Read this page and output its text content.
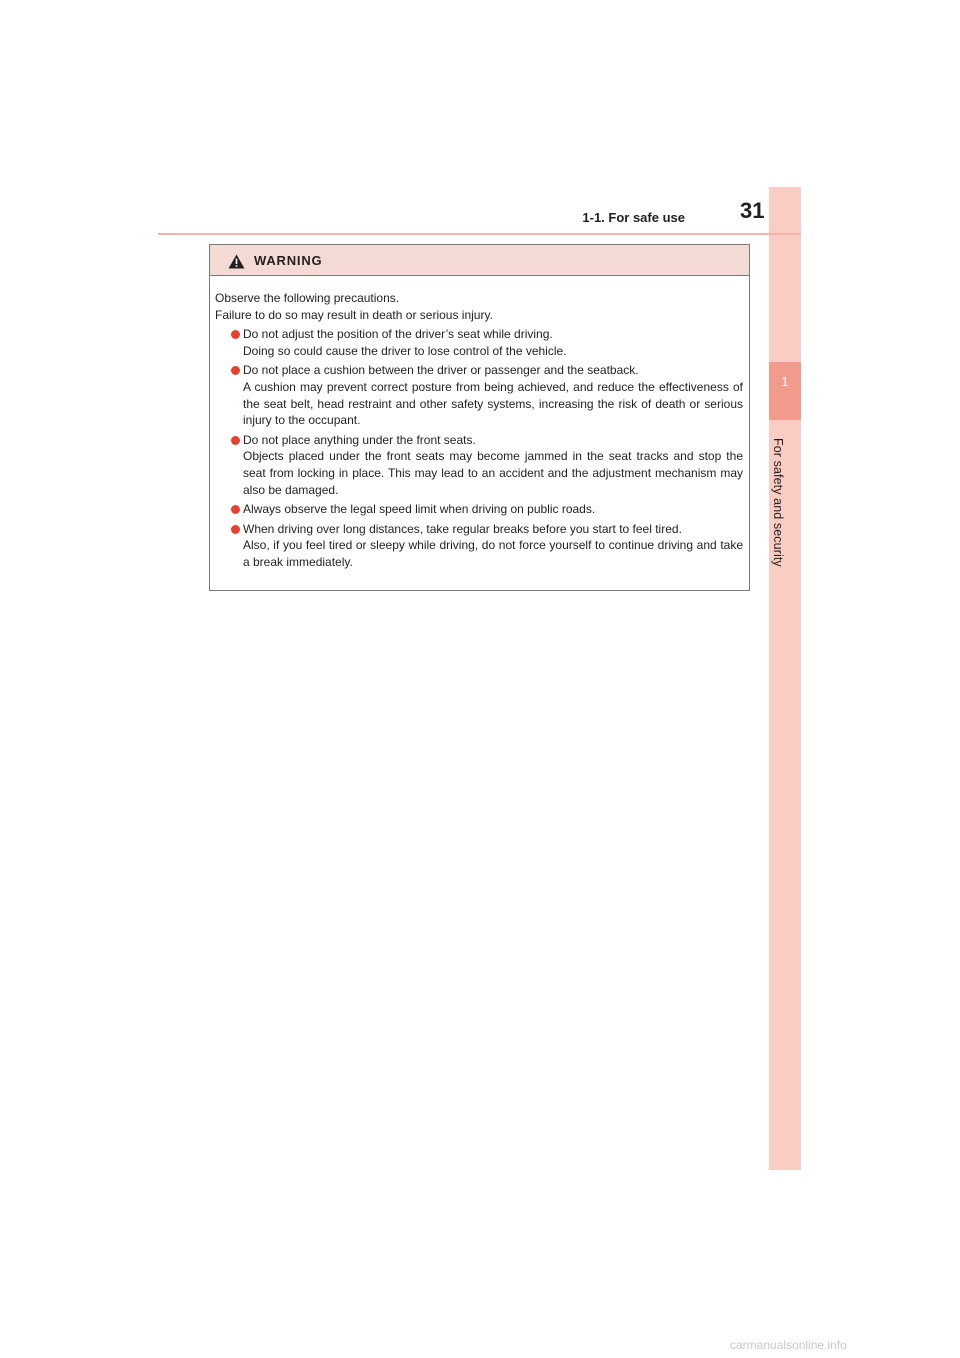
1
For safety and security
1-1. For safe use	31
WARNING

Observe the following precautions.

Failure to do so may result in death or serious injury.

Do not adjust the position of the driver’s seat while driving.

Doing so could cause the driver to lose control of the vehicle.

Do not place a cushion between the driver or passenger and the seatback.

A cushion may prevent correct posture from being achieved, and reduce the effectiveness of the seat belt, head restraint and other safety systems, increasing the risk of death or serious injury to the occupant.

Do not place anything under the front seats.

Objects placed under the front seats may become jammed in the seat tracks and stop the seat from locking in place. This may lead to an accident and the adjustment mechanism may also be damaged.

Always observe the legal speed limit when driving on public roads.

When driving over long distances, take regular breaks before you start to feel tired.

Also, if you feel tired or sleepy while driving, do not force yourself to continue driving and take a break immediately.

carmanualsonline.info
